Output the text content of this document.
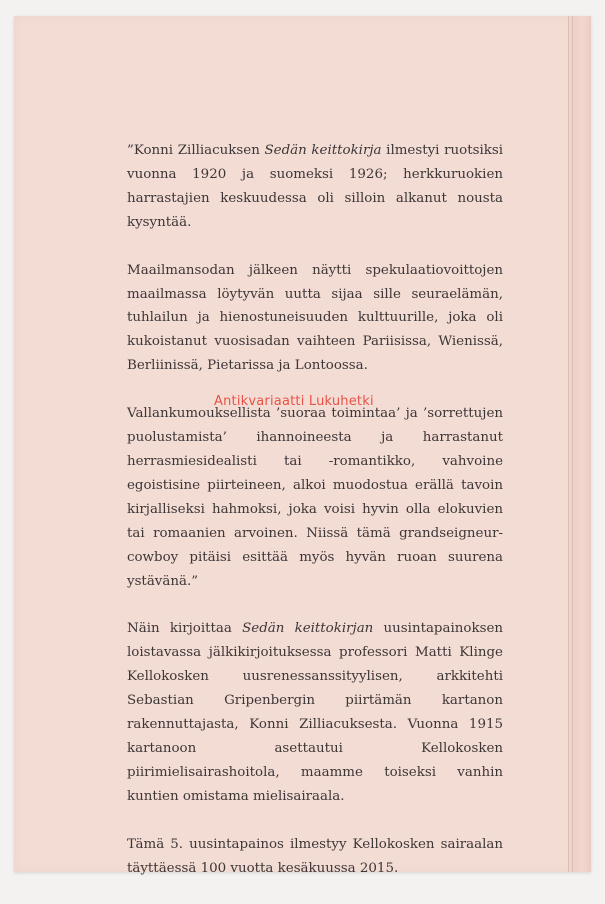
”Konni Zilliacuksen Sedän keittokirja ilmestyi ruotsiksi vuonna 1920 ja suomeksi 1926; herkkuruokien harrastajien keskuudessa oli silloin alkanut nousta kysyntää.

Maailmansodan jälkeen näytti spekulaatiovoittojen maailmassa löytyvän uutta sijaa sille seuraelämän, tuhlailun ja hienostuneisuuden kulttuurille, joka oli kukoistanut vuosisadan vaihteen Pariisissa, Wienissä, Berliinissä, Pietarissa ja Lontoossa.

Vallankumouksellista ’suoraa toimintaa’ ja ’sorrettujen puolustamista’ ihannoineesta ja harrastanut herrasmiesidealisti tai -romantikko, vahvoine egoistisine piirteineen, alkoi muodostua erällä tavoin kirjalliseksi hahmoksi, joka voisi hyvin olla elokuvien tai romaanien arvoinen. Niissä tämä grandseigneur-cowboy pitäisi esittää myös hyvän ruoan suurena ystävänä.”

Näin kirjoittaa Sedän keittokirjan uusintapainoksen loistavassa jälkikirjoituksessa professori Matti Klinge Kellokosken uusrenessanssityylisen, arkkitehti Sebastian Gripenbergin piirtämän kartanon rakennuttajasta, Konni Zilliacuksesta. Vuonna 1915 kartanoon asettautui Kellokosken piirimielisairashoitola, maamme toiseksi vanhin kuntien omistama mielisairaala.

Tämä 5. uusintapainos ilmestyy Kellokosken sairaalan täyttäessä 100 vuotta kesäkuussa 2015.

Antikvariaatti Lukuhetki
